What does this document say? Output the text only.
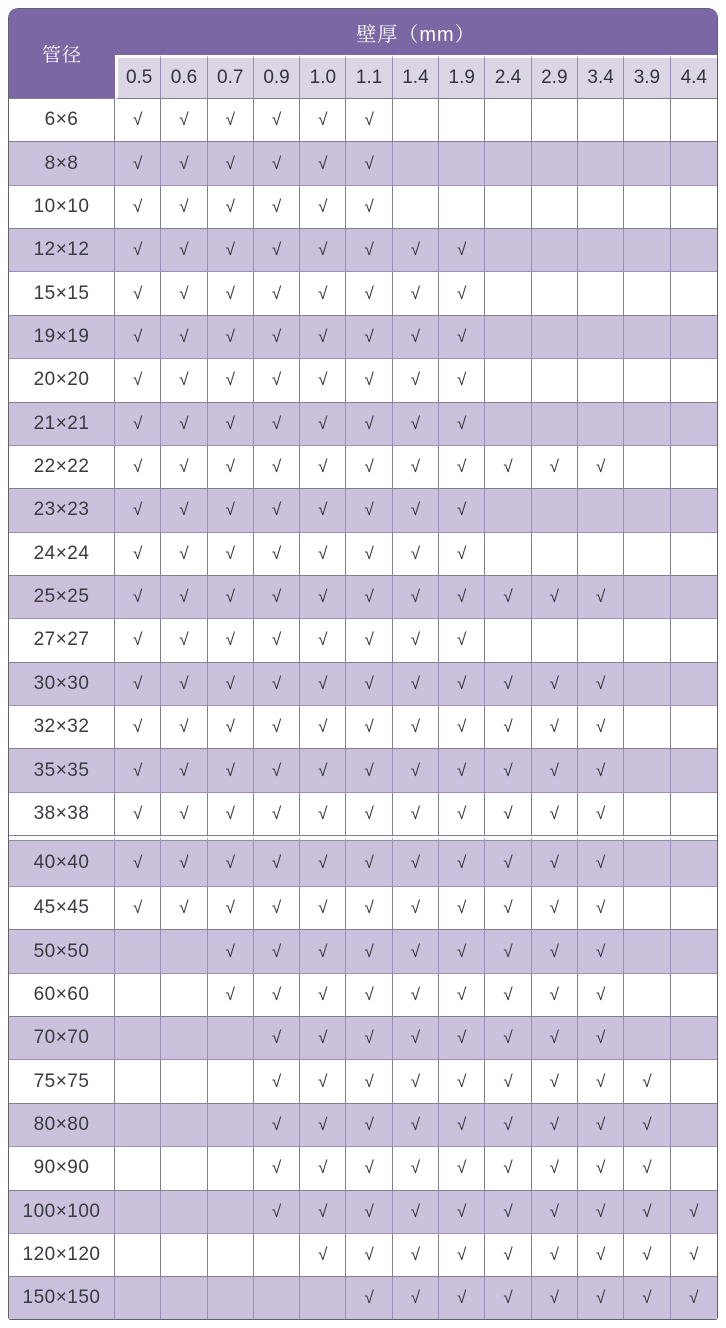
管径	壁厚（mm）												
	0.5	0.6	0.7	0.9	1.0	1.1	1.4	1.9	2.4	2.9	3.4	3.9	4.4
6×6	√	√	√	√	√	√							
8×8	√	√	√	√	√	√							
10×10	√	√	√	√	√	√							
12×12	√	√	√	√	√	√	√	√					
15×15	√	√	√	√	√	√	√	√					
19×19	√	√	√	√	√	√	√	√					
20×20	√	√	√	√	√	√	√	√					
21×21	√	√	√	√	√	√	√	√					
22×22	√	√	√	√	√	√	√	√	√	√	√		
23×23	√	√	√	√	√	√	√	√					
24×24	√	√	√	√	√	√	√	√					
25×25	√	√	√	√	√	√	√	√	√	√	√		
27×27	√	√	√	√	√	√	√	√					
30×30	√	√	√	√	√	√	√	√	√	√	√		
32×32	√	√	√	√	√	√	√	√	√	√	√		
35×35	√	√	√	√	√	√	√	√	√	√	√		
38×38	√	√	√	√	√	√	√	√	√	√	√		
40×40	√	√	√	√	√	√	√	√	√	√	√		
45×45	√	√	√	√	√	√	√	√	√	√	√		
50×50			√	√	√	√	√	√	√	√	√		
60×60			√	√	√	√	√	√	√	√	√		
70×70				√	√	√	√	√	√	√	√		
75×75				√	√	√	√	√	√	√	√	√	
80×80				√	√	√	√	√	√	√	√	√	
90×90				√	√	√	√	√	√	√	√	√	
100×100				√	√	√	√	√	√	√	√	√	√
120×120					√	√	√	√	√	√	√	√	√
150×150						√	√	√	√	√	√	√	√
